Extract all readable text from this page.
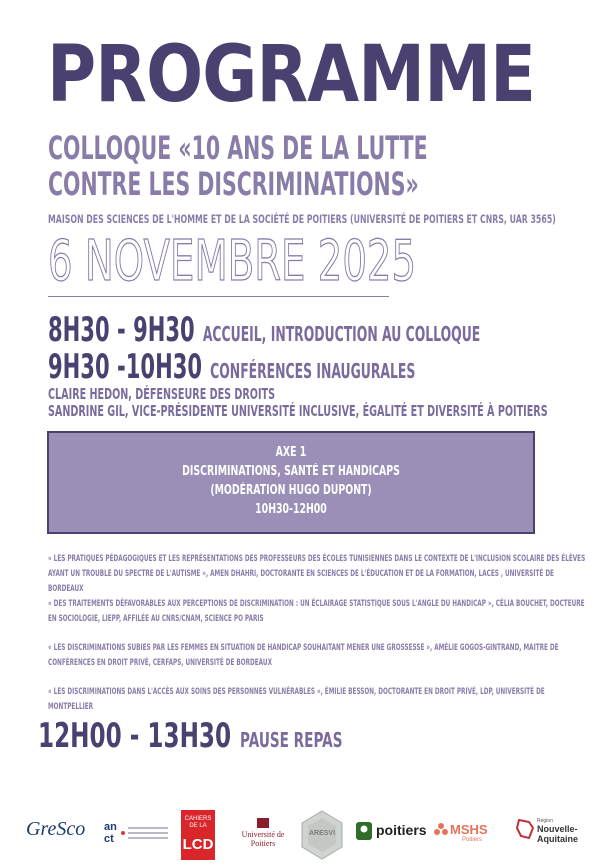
PROGRAMME
COLLOQUE «10 ANS DE LA LUTTE
CONTRE LES DISCRIMINATIONS»
MAISON DES SCIENCES DE L'HOMME ET DE LA SOCIÉTÉ DE POITIERS (UNIVERSITÉ DE POITIERS ET CNRS, UAR 3565)
6 NOVEMBRE 2025
8H30 - 9H30 ACCUEIL, INTRODUCTION AU COLLOQUE
9H30 -10H30 CONFÉRENCES INAUGURALES
CLAIRE HEDON, DÉFENSEURE DES DROITS
SANDRINE GIL, VICE-PRÉSIDENTE UNIVERSITÉ INCLUSIVE, ÉGALITÉ ET DIVERSITÉ À POITIERS
AXE 1
DISCRIMINATIONS, SANTÉ ET HANDICAPS
(MODÉRATION HUGO DUPONT)
10H30-12H00
« LES PRATIQUES PÉDAGOGIQUES ET LES REPRÉSENTATIONS DES PROFESSEURS DES ÉCOLES TUNISIENNES DANS LE CONTEXTE DE L'INCLUSION SCOLAIRE DES ÉLÈVES AYANT UN TROUBLE DU SPECTRE DE L'AUTISME », AMEN DHAHRI, DOCTORANTE EN SCIENCES DE L'ÉDUCATION ET DE LA FORMATION, LACES , UNIVERSITÉ DE BORDEAUX
« DES TRAITEMENTS DÉFAVORABLES AUX PERCEPTIONS DE DISCRIMINATION : UN ÉCLAIRAGE STATISTIQUE SOUS L'ANGLE DU HANDICAP », CÉLIA BOUCHET, DOCTEURE EN SOCIOLOGIE, LIEPP, AFFILÉE AU CNRS/CNAM, SCIENCE PO PARIS
« LES DISCRIMINATIONS SUBIES PAR LES FEMMES EN SITUATION DE HANDICAP SOUHAITANT MENER UNE GROSSESSE », AMÉLIE GOGOS-GINTRAND, MAITRE DE CONFÉRENCES EN DROIT PRIVÉ, CERFAPS, UNIVERSITÉ DE BORDEAUX
« LES DISCRIMINATIONS DANS L'ACCÈS AUX SOINS DES PERSONNES VULNÉRABLES », ÉMILIE BESSON, DOCTORANTE EN DROIT PRIVÉ, LDP, UNIVERSITÉ DE MONTPELLIER
12H00 - 13H30 PAUSE REPAS
GreSco an
ct
CAHIERS DE LA
LCD
Université de Poitiers
ARESVI	poitiers MSHS
Poitiers
Région
Nouvelle-Aquitaine
